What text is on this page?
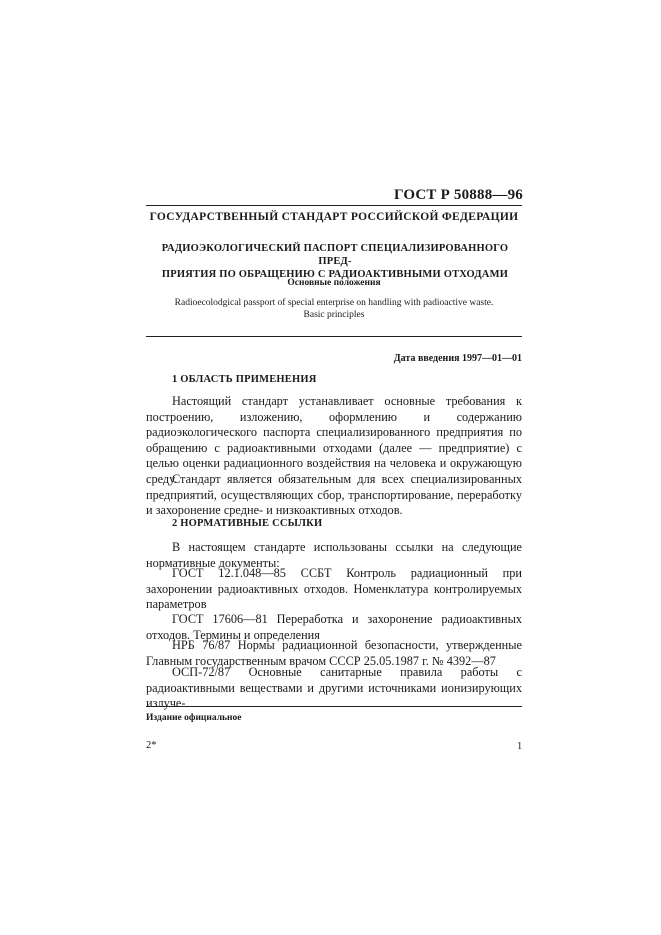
ГОСТ Р 50888—96
ГОСУДАРСТВЕННЫЙ СТАНДАРТ РОССИЙСКОЙ ФЕДЕРАЦИИ
РАДИОЭКОЛОГИЧЕСКИЙ ПАСПОРТ СПЕЦИАЛИЗИРОВАННОГО ПРЕД-
ПРИЯТИЯ ПО ОБРАЩЕНИЮ С РАДИОАКТИВНЫМИ ОТХОДАМИ
Основные положения
Radioecolodgical passport of special enterprise on handling with padioactive waste.
Basic principles
Дата введения 1997—01—01
1 ОБЛАСТЬ ПРИМЕНЕНИЯ
Настоящий стандарт устанавливает основные требования к построению, изложению, оформлению и содержанию радиоэкологического паспорта специализированного предприятия по обращению с радиоактивными отходами (далее — предприятие) с целью оценки радиационного воздействия на человека и окружающую среду.
Стандарт является обязательным для всех специализированных предприятий, осуществляющих сбор, транспортирование, переработку и захоронение средне- и низкоактивных отходов.
2 НОРМАТИВНЫЕ ССЫЛКИ
В настоящем стандарте использованы ссылки на следующие нормативные документы:
ГОСТ 12.1.048—85 ССБТ Контроль радиационный при захоронении радиоактивных отходов. Номенклатура контролируемых параметров
ГОСТ 17606—81 Переработка и захоронение радиоактивных отходов. Термины и определения
НРБ 76/87 Нормы радиационной безопасности, утвержденные Главным государственным врачом СССР 25.05.1987 г. № 4392—87
ОСП-72/87 Основные санитарные правила работы с радиоактивными веществами и другими источниками ионизирующих излуче-
Издание официальное
2*	1
